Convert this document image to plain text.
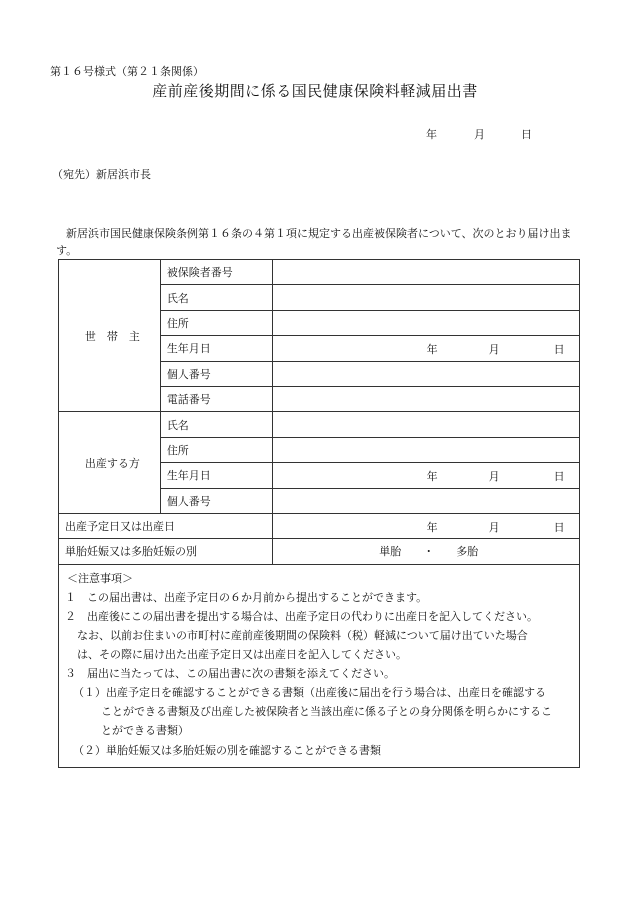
第１６号様式（第２１条関係）
産前産後期間に係る国民健康保険料軽減届出書
年	月	日
（宛先）新居浜市長
新居浜市国民健康保険条例第１６条の４第１項に規定する出産被保険者について、次のとおり届け出ます。
世　帯　主	被保険者番号	
	氏名	
	住所	
	生年月日	年 月 日

	個人番号	
	電話番号	
出産する方	氏名	
	住所	
	生年月日	年 月 日

	個人番号	
出産予定日又は出産日		年 月 日

単胎妊娠又は多胎妊娠の別		単胎　　・　　多胎
＜注意事項＞
１　この届出書は、出産予定日の６か月前から提出することができます。
２　出産後にこの届出書を提出する場合は、出産予定日の代わりに出産日を記入してください。
なお、以前お住まいの市町村に産前産後期間の保険料（税）軽減について届け出ていた場合
は、その際に届け出た出産予定日又は出産日を記入してください。
３　届出に当たっては、この届出書に次の書類を添えてください。
（１）出産予定日を確認することができる書類（出産後に届出を行う場合は、出産日を確認する
ことができる書類及び出産した被保険者と当該出産に係る子との身分関係を明らかにするこ
とができる書類）
（２）単胎妊娠又は多胎妊娠の別を確認することができる書類
